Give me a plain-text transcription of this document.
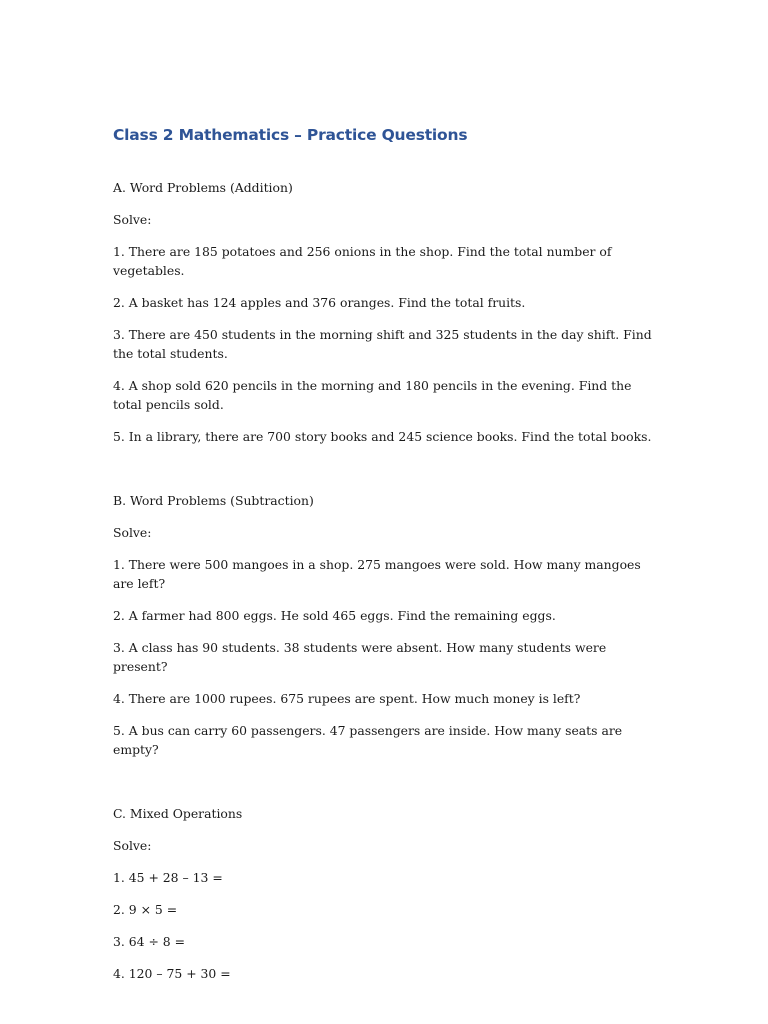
Class 2 Mathematics – Practice Questions

A. Word Problems (Addition)

Solve:

1. There are 185 potatoes and 256 onions in the shop. Find the total number of vegetables.
2. A basket has 124 apples and 376 oranges. Find the total fruits.
3. There are 450 students in the morning shift and 325 students in the day shift. Find the total students.
4. A shop sold 620 pencils in the morning and 180 pencils in the evening. Find the total pencils sold.
5. In a library, there are 700 story books and 245 science books. Find the total books.

B. Word Problems (Subtraction)

Solve:

1. There were 500 mangoes in a shop. 275 mangoes were sold. How many mangoes are left?
2. A farmer had 800 eggs. He sold 465 eggs. Find the remaining eggs.
3. A class has 90 students. 38 students were absent. How many students were present?
4. There are 1000 rupees. 675 rupees are spent. How much money is left?
5. A bus can carry 60 passengers. 47 passengers are inside. How many seats are empty?

C. Mixed Operations

Solve:

1. 45 + 28 – 13 =
2. 9 × 5 =
3. 64 ÷ 8 =
4. 120 – 75 + 30 =
